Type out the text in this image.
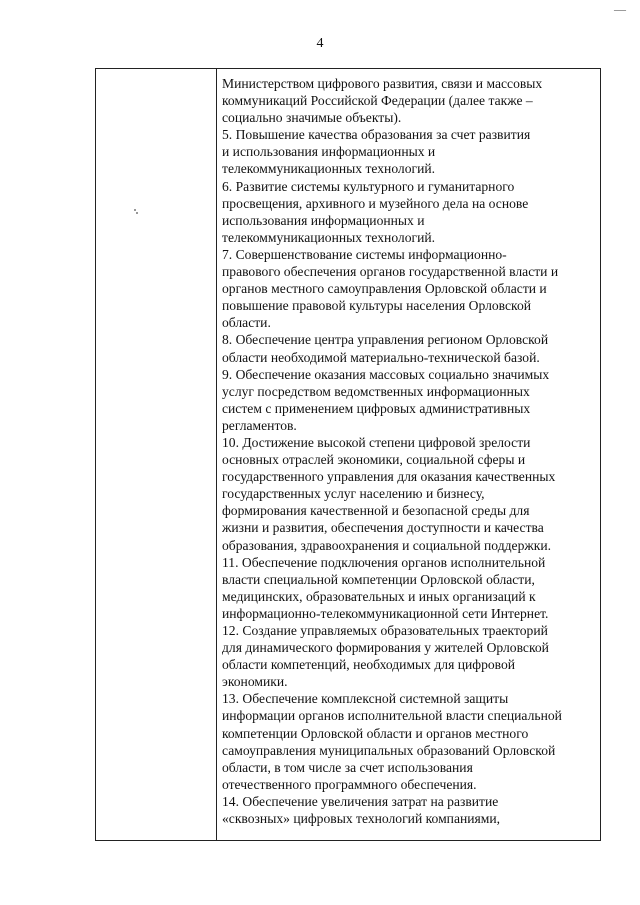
—
4
Министерством цифрового развития, связи и массовых
коммуникаций Российской Федерации (далее также –
социально значимые объекты).
5. Повышение качества образования за счет развития
и использования информационных и
телекоммуникационных технологий.
6. Развитие системы культурного и гуманитарного
просвещения, архивного и музейного дела на основе
использования информационных и
телекоммуникационных технологий.
7. Совершенствование системы информационно-
правового обеспечения органов государственной власти и
органов местного самоуправления Орловской области и
повышение правовой культуры населения Орловской
области.
8. Обеспечение центра управления регионом Орловской
области необходимой материально-технической базой.
9. Обеспечение оказания массовых социально значимых
услуг посредством ведомственных информационных
систем с применением цифровых административных
регламентов.
10. Достижение высокой степени цифровой зрелости
основных отраслей экономики, социальной сферы и
государственного управления для оказания качественных
государственных услуг населению и бизнесу,
формирования качественной и безопасной среды для
жизни и развития, обеспечения доступности и качества
образования, здравоохранения и социальной поддержки.
11. Обеспечение подключения органов исполнительной
власти специальной компетенции Орловской области,
медицинских, образовательных и иных организаций к
информационно-телекоммуникационной сети Интернет.
12. Создание управляемых образовательных траекторий
для динамического формирования у жителей Орловской
области компетенций, необходимых для цифровой
экономики.
13. Обеспечение комплексной системной защиты
информации органов исполнительной власти специальной
компетенции Орловской области и органов местного
самоуправления муниципальных образований Орловской
области, в том числе за счет использования
отечественного программного обеспечения.
14. Обеспечение увеличения затрат на развитие
«сквозных» цифровых технологий компаниями,
